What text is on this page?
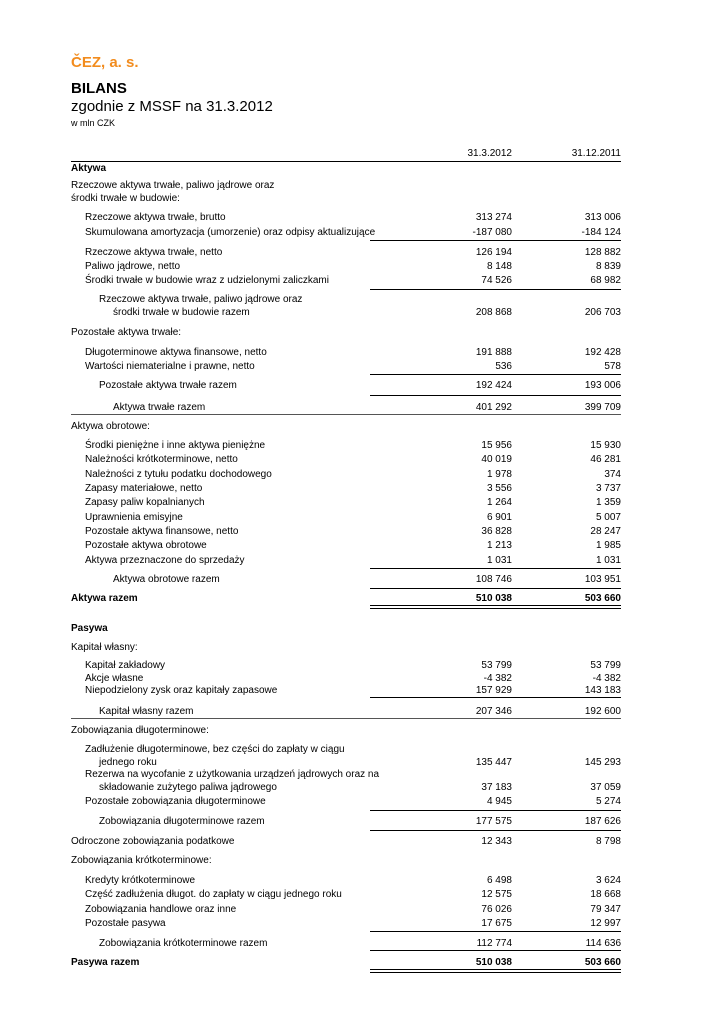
ČEZ, a. s.
BILANS
zgodnie z MSSF na 31.3.2012
w mln CZK
31.3.2012	31.12.2011
Aktywa
Rzeczowe aktywa trwałe, paliwo jądrowe oraz
środki trwałe w budowie:
Rzeczowe aktywa trwałe, brutto	313 274	313 006
Skumulowana amortyzacja (umorzenie) oraz odpisy aktualizujące	-187 080	-184 124
Rzeczowe aktywa trwałe, netto	126 194	128 882
Paliwo jądrowe, netto	8 148	8 839
Środki trwałe w budowie wraz z udzielonymi zaliczkami	74 526	68 982
Rzeczowe aktywa trwałe, paliwo jądrowe oraz
środki trwałe w budowie razem	208 868	206 703
Pozostałe aktywa trwałe:
Długoterminowe aktywa finansowe, netto	191 888	192 428
Wartości niematerialne i prawne, netto	536	578
Pozostałe aktywa trwałe razem	192 424	193 006
Aktywa trwałe razem	401 292	399 709
Aktywa obrotowe:
Środki pieniężne i inne aktywa pieniężne	15 956	15 930
Należności krótkoterminowe, netto	40 019	46 281
Należności z tytułu podatku dochodowego	1 978	374
Zapasy materiałowe, netto	3 556	3 737
Zapasy paliw kopalnianych	1 264	1 359
Uprawnienia emisyjne	6 901	5 007
Pozostałe aktywa finansowe, netto	36 828	28 247
Pozostałe aktywa obrotowe	1 213	1 985
Aktywa przeznaczone do sprzedaży	1 031	1 031
Aktywa obrotowe razem	108 746	103 951
Aktywa razem	510 038	503 660
Pasywa
Kapitał własny:
Kapitał zakładowy	53 799	53 799
Akcje własne	-4 382	-4 382
Niepodzielony zysk oraz kapitały zapasowe	157 929	143 183
Kapitał własny razem	207 346	192 600
Zobowiązania długoterminowe:
Zadłużenie długoterminowe, bez części do zapłaty w ciągu
jednego roku	135 447	145 293
Rezerwa na wycofanie z użytkowania urządzeń jądrowych oraz na
składowanie zużytego paliwa jądrowego	37 183	37 059
Pozostałe zobowiązania długoterminowe	4 945	5 274
Zobowiązania długoterminowe razem	177 575	187 626
Odroczone zobowiązania podatkowe	12 343	8 798
Zobowiązania krótkoterminowe:
Kredyty krótkoterminowe	6 498	3 624
Część zadłużenia długot. do zapłaty w ciągu jednego roku	12 575	18 668
Zobowiązania handlowe oraz inne	76 026	79 347
Pozostałe pasywa	17 675	12 997
Zobowiązania krótkoterminowe razem	112 774	114 636
Pasywa razem	510 038	503 660
